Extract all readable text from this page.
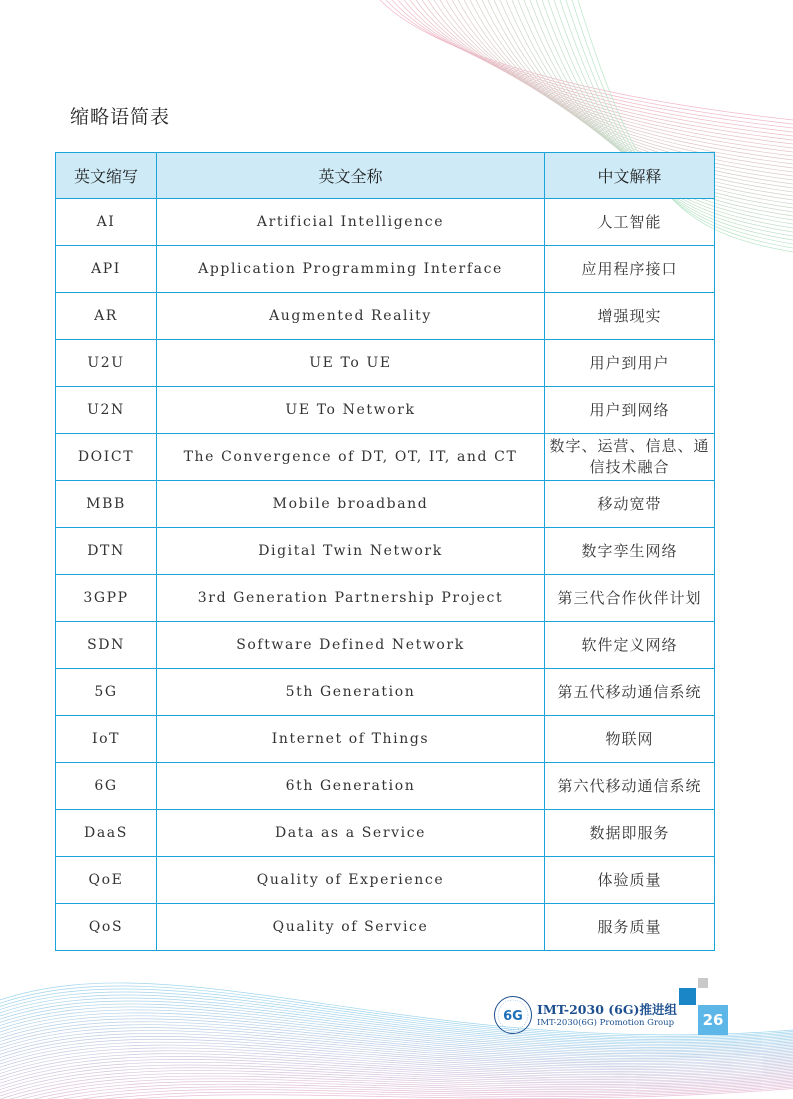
缩略语简表
英文缩写	英文全称	中文解释
AI	Artificial Intelligence	人工智能
API	Application Programming Interface	应用程序接口
AR	Augmented Reality	增强现实
U2U	UE To UE	用户到用户
U2N	UE To Network	用户到网络
DOICT	The Convergence of DT, OT, IT, and CT	数字、运营、信息、通信技术融合
MBB	Mobile broadband	移动宽带
DTN	Digital Twin Network	数字孪生网络
3GPP	3rd Generation Partnership Project	第三代合作伙伴计划
SDN	Software Defined Network	软件定义网络
5G	5th Generation	第五代移动通信系统
IoT	Internet of Things	物联网
6G	6th Generation	第六代移动通信系统
DaaS	Data as a Service	数据即服务
QoE	Quality of Experience	体验质量
QoS	Quality of Service	服务质量
6G IMT-2030 (6G)推进组
IMT-2030(6G) Promotion Group	26
